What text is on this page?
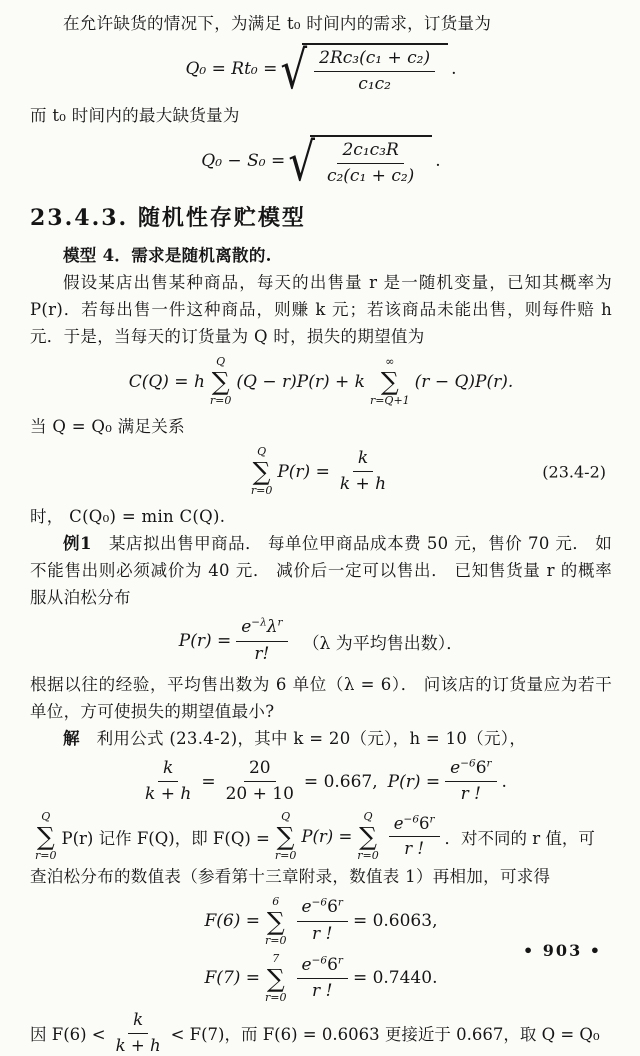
在允许缺货的情况下，为满足 t₀ 时间内的需求，订货量为
Q₀ = Rt₀ = √ $\frac{\text{2Rc₃(c₁ + c₂)}}{\text{c₁c₂}}$ .
而 t₀ 时间内的最大缺货量为
Q₀ − S₀ = √ $\frac{\text{2c₁c₃R}}{\text{c₂(c₁ + c₂)}}$ .
23.4.3. 随机性存贮模型
模型 4．需求是随机离散的.
假设某店出售某种商品，每天的出售量 r 是一随机变量，已知其概率为 P(r)．若每出售一件这种商品，则赚 k 元；若该商品未能出售，则每件赔 h 元．于是，当每天的订货量为 Q 时，损失的期望值为
C(Q) = h
Q
∑
r=0
(Q − r)P(r) + k
∞
∑
r=Q+1
(r − Q)P(r).
当 Q = Q₀ 满足关系
Q
∑
r=0
$P(r) = \frac{k}{k + h}$	(23.4-2)
时， C(Q₀) = min C(Q).
例1　某店拟出售甲商品． 每单位甲商品成本费 50 元，售价 70 元． 如不能售出则必须减价为 40 元． 减价后一定可以售出． 已知售货量 r 的概率服从泊松分布
$P(r) = \frac{e^{-\lambda}\lambda^r}{r!} (\lambda$ 为平均售出数）．
根据以往的经验，平均售出数为 6 单位（λ = 6）． 问该店的订货量应为若干单位，方可使损失的期望值最小?
解　利用公式 (23.4-2)，其中 k = 20（元），h = 10（元），
$\frac{k}{k + h} = \frac{20}{20 + 10} = 0.667$, $P(r) = \frac{e^{-6}6^r}{r !}$ .
Q
∑
r=0
P(r) 记作 F(Q)，即 F(Q) =
Q
∑
r=0
P(r) =
Q
∑
$r=0 \frac{e^{-6}6^r}{r !}$ ．对不同的 r 值，可
查泊松分布的数值表（参看第十三章附录，数值表 1）再相加，可求得
F(6) =
6
∑
$r=0 \frac{e^{-6}6^r}{r !} = 0.6063$,
F(7) =
7
∑
$r=0 \frac{e^{-6}6^r}{r !} = 0.7440$.
因 $F(6) < \frac{k}{k + h} < F(7)$，而 F(6) = 0.6063 更接近于 0.667，取 Q = Q₀
• 903 •
